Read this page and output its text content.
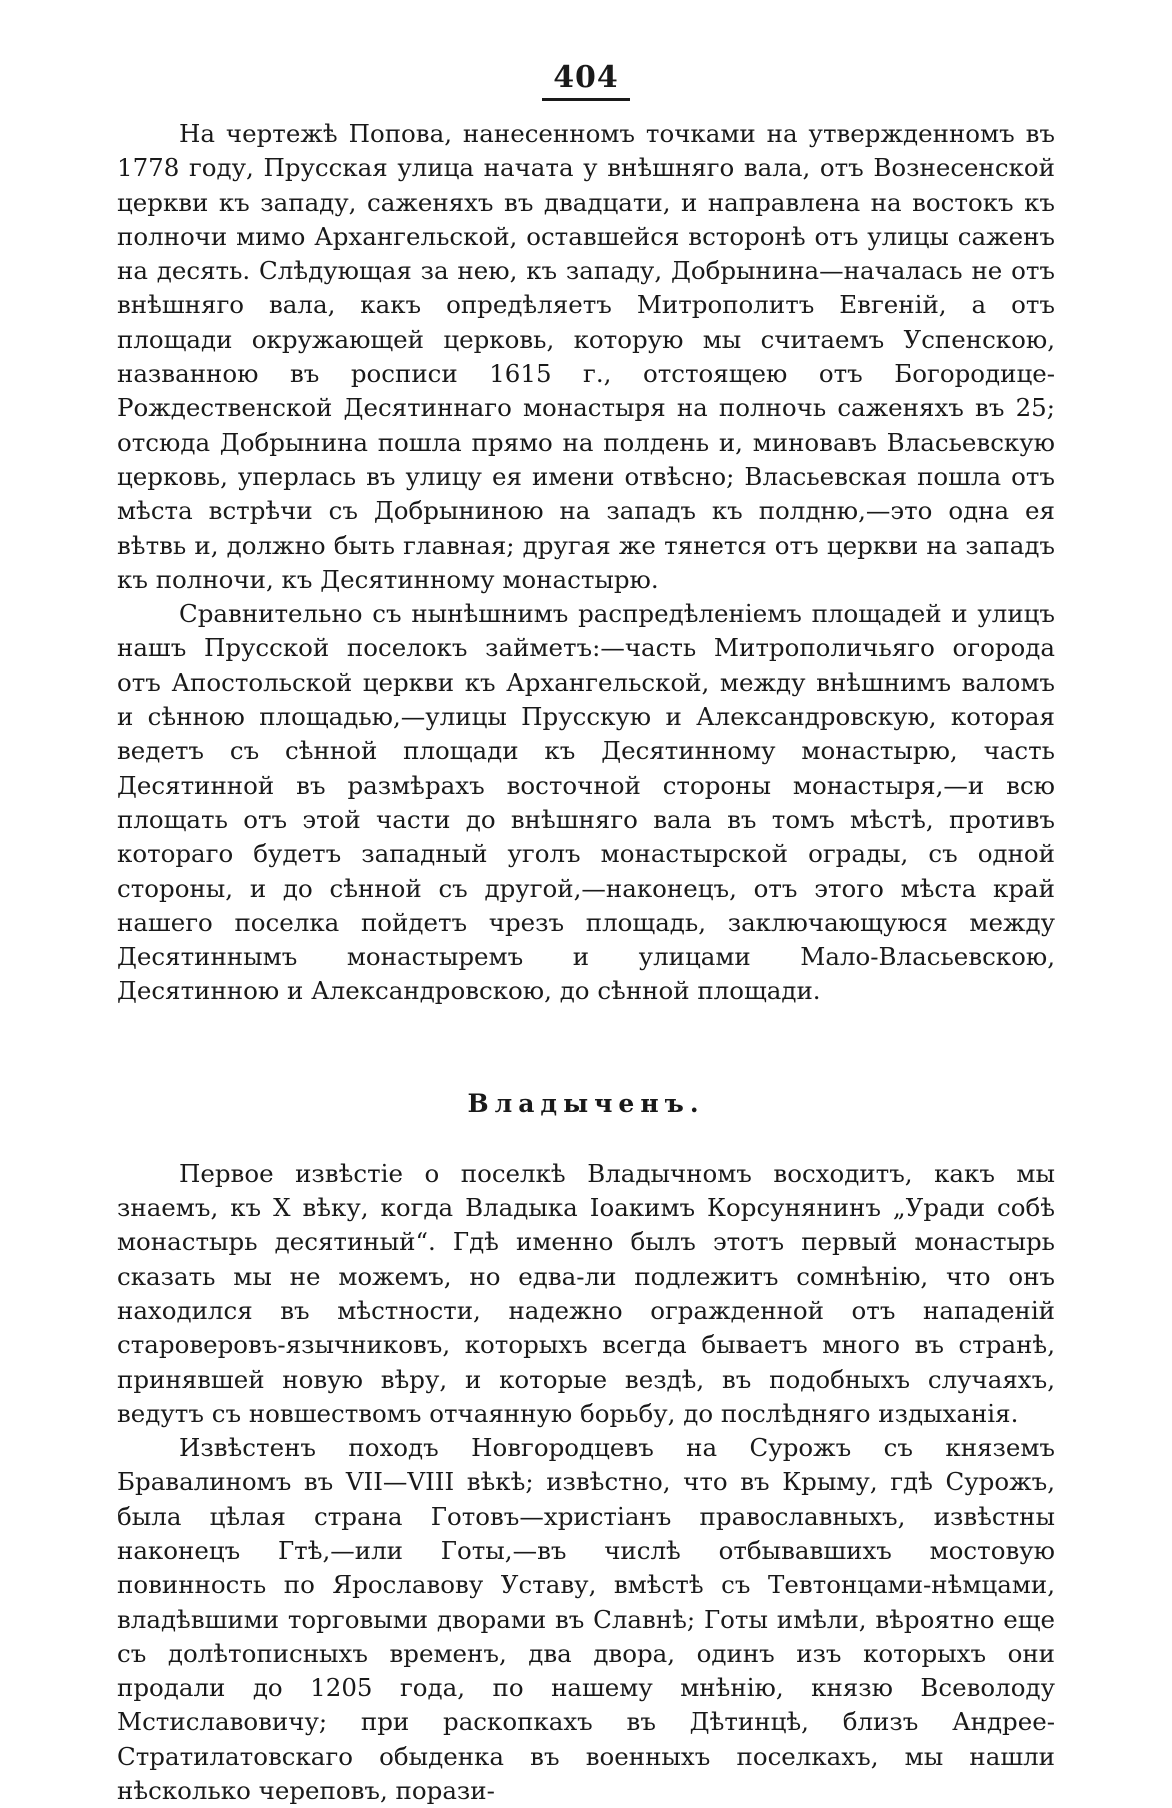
404

На чертежѣ Попова, нанесенномъ точками на утвержденномъ въ 1778 году, Прусская улица начата у внѣшняго вала, отъ Вознесенской церкви къ западу, саженяхъ въ двадцати, и направлена на востокъ къ полночи мимо Архангельской, оставшейся всторонѣ отъ улицы саженъ на десять. Слѣдующая за нею, къ западу, Добрынина—началась не отъ внѣшняго вала, какъ опредѣляетъ Митрополитъ Евгеній, а отъ площади окружающей церковь, которую мы считаемъ Успенскою, названною въ росписи 1615 г., отстоящею отъ Богородице-Рождественской Десятиннаго монастыря на полночь саженяхъ въ 25; отсюда Добрынина пошла прямо на полдень и, миновавъ Власьевскую церковь, уперлась въ улицу ея имени отвѣсно; Власьевская пошла отъ мѣста встрѣчи съ Добрыниною на западъ къ полдню,—это одна ея вѣтвь и, должно быть главная; другая же тянется отъ церкви на западъ къ полночи, къ Десятинному монастырю.

Сравнительно съ нынѣшнимъ распредѣленіемъ площадей и улицъ нашъ Прусской поселокъ займетъ:—часть Митрополичьяго огорода отъ Апостольской церкви къ Архангельской, между внѣшнимъ валомъ и сѣнною площадью,—улицы Прусскую и Александровскую, которая ведетъ съ сѣнной площади къ Десятинному монастырю, часть Десятинной въ размѣрахъ восточной стороны монастыря,—и всю площать отъ этой части до внѣшняго вала въ томъ мѣстѣ, противъ котораго будетъ западный уголъ монастырской ограды, съ одной стороны, и до сѣнной съ другой,—наконецъ, отъ этого мѣста край нашего поселка пойдетъ чрезъ площадь, заключающуюся между Десятиннымъ монастыремъ и улицами Мало-Власьевскою, Десятинною и Александровскою, до сѣнной площади.

Владыченъ.

Первое извѣстіе о поселкѣ Владычномъ восходитъ, какъ мы знаемъ, къ X вѣку, когда Владыка Іоакимъ Корсунянинъ „Уради собѣ монастырь десятиный“. Гдѣ именно былъ этотъ первый монастырь сказать мы не можемъ, но едва-ли подлежитъ сомнѣнію, что онъ находился въ мѣстности, надежно огражденной отъ нападеній староверовъ-язычниковъ, которыхъ всегда бываетъ много въ странѣ, принявшей новую вѣру, и которые вездѣ, въ подобныхъ случаяхъ, ведутъ съ новшествомъ отчаянную борьбу, до послѣдняго издыханія.

Извѣстенъ походъ Новгородцевъ на Сурожъ съ княземъ Бравалиномъ въ VII—VIII вѣкѣ; извѣстно, что въ Крыму, гдѣ Сурожъ, была цѣлая страна Готовъ—христіанъ православныхъ, извѣстны наконецъ Гтѣ,—или Готы,—въ числѣ отбывавшихъ мостовую повинность по Ярославову Уставу, вмѣстѣ съ Тевтонцами-нѣмцами, владѣвшими торговыми дворами въ Славнѣ; Готы имѣли, вѣроятно еще съ долѣтописныхъ временъ, два двора, одинъ изъ которыхъ они продали до 1205 года, по нашему мнѣнію, князю Всеволоду Мстиславовичу; при раскопкахъ въ Дѣтинцѣ, близъ Андрее-Стратилатовскаго обыденка въ военныхъ поселкахъ, мы нашли нѣсколько череповъ, порази-
